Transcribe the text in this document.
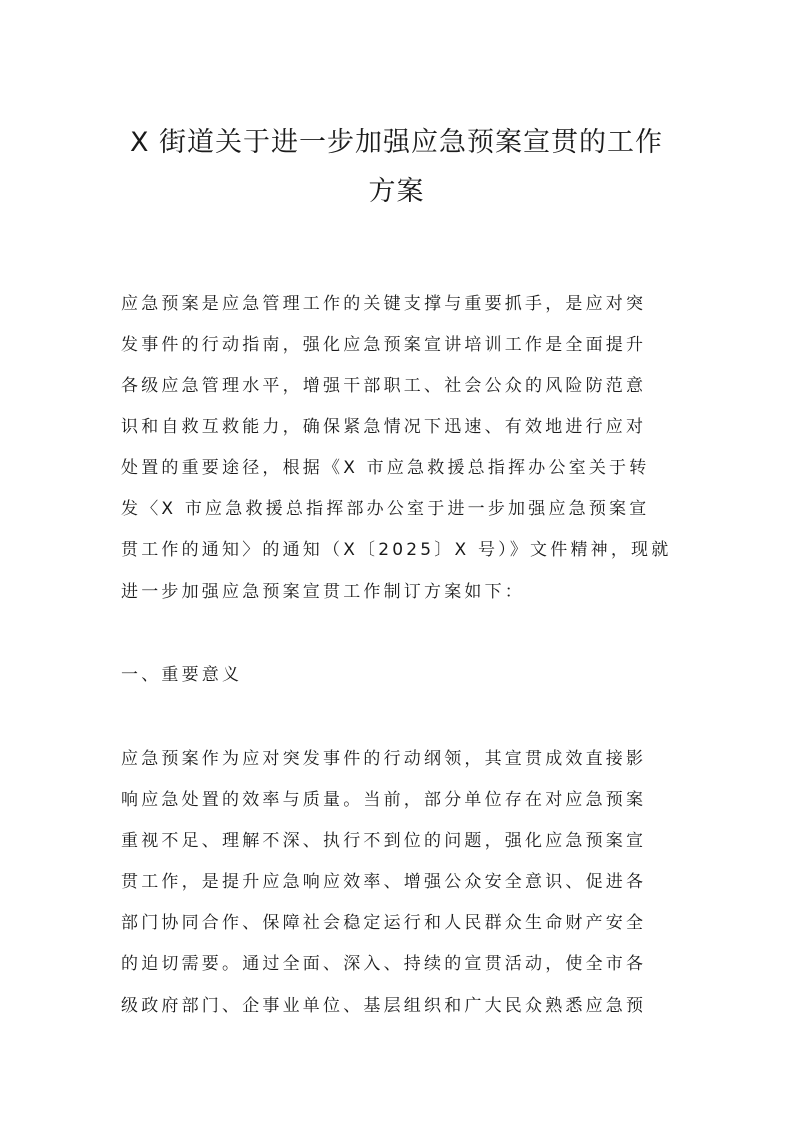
X 街道关于进一步加强应急预案宣贯的工作
方案
应急预案是应急管理工作的关键支撑与重要抓手，是应对突
发事件的行动指南，强化应急预案宣讲培训工作是全面提升
各级应急管理水平，增强干部职工、社会公众的风险防范意
识和自救互救能力，确保紧急情况下迅速、有效地进行应对
处置的重要途径，根据《X 市应急救援总指挥办公室关于转
发〈X 市应急救援总指挥部办公室于进一步加强应急预案宣
贯工作的通知〉的通知（X〔2025〕X 号）》文件精神，现就
进一步加强应急预案宣贯工作制订方案如下：
一、重要意义
应急预案作为应对突发事件的行动纲领，其宣贯成效直接影
响应急处置的效率与质量。当前，部分单位存在对应急预案
重视不足、理解不深、执行不到位的问题，强化应急预案宣
贯工作，是提升应急响应效率、增强公众安全意识、促进各
部门协同合作、保障社会稳定运行和人民群众生命财产安全
的迫切需要。通过全面、深入、持续的宣贯活动，使全市各
级政府部门、企事业单位、基层组织和广大民众熟悉应急预
